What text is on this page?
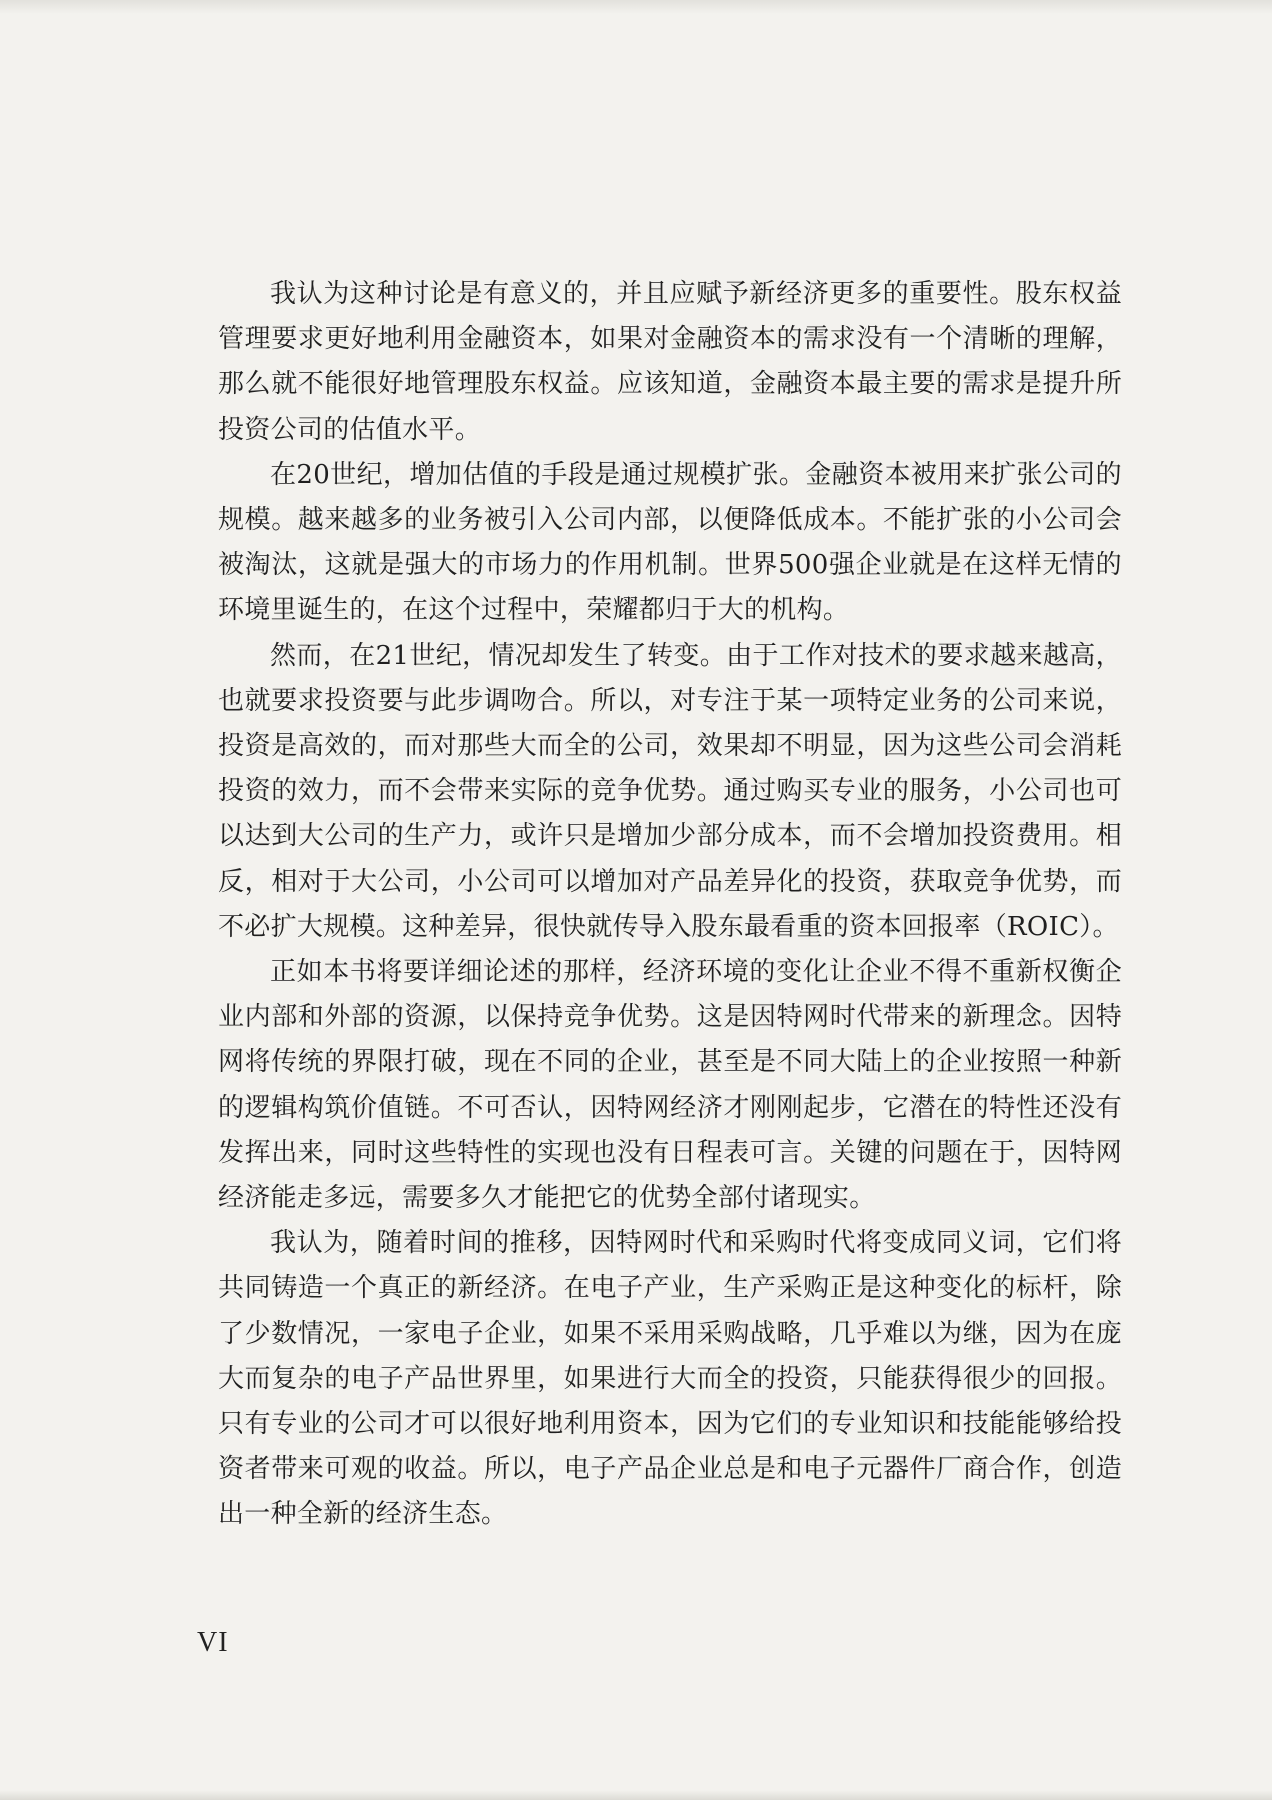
我认为这种讨论是有意义的，并且应赋予新经济更多的重要性。股东权益管理要求更好地利用金融资本，如果对金融资本的需求没有一个清晰的理解，那么就不能很好地管理股东权益。应该知道，金融资本最主要的需求是提升所投资公司的估值水平。

在20世纪，增加估值的手段是通过规模扩张。金融资本被用来扩张公司的规模。越来越多的业务被引入公司内部，以便降低成本。不能扩张的小公司会被淘汰，这就是强大的市场力的作用机制。世界500强企业就是在这样无情的环境里诞生的，在这个过程中，荣耀都归于大的机构。

然而，在21世纪，情况却发生了转变。由于工作对技术的要求越来越高，也就要求投资要与此步调吻合。所以，对专注于某一项特定业务的公司来说，投资是高效的，而对那些大而全的公司，效果却不明显，因为这些公司会消耗投资的效力，而不会带来实际的竞争优势。通过购买专业的服务，小公司也可以达到大公司的生产力，或许只是增加少部分成本，而不会增加投资费用。相反，相对于大公司，小公司可以增加对产品差异化的投资，获取竞争优势，而不必扩大规模。这种差异，很快就传导入股东最看重的资本回报率（ROIC）。

正如本书将要详细论述的那样，经济环境的变化让企业不得不重新权衡企业内部和外部的资源，以保持竞争优势。这是因特网时代带来的新理念。因特网将传统的界限打破，现在不同的企业，甚至是不同大陆上的企业按照一种新的逻辑构筑价值链。不可否认，因特网经济才刚刚起步，它潜在的特性还没有发挥出来，同时这些特性的实现也没有日程表可言。关键的问题在于，因特网经济能走多远，需要多久才能把它的优势全部付诸现实。

我认为，随着时间的推移，因特网时代和采购时代将变成同义词，它们将共同铸造一个真正的新经济。在电子产业，生产采购正是这种变化的标杆，除了少数情况，一家电子企业，如果不采用采购战略，几乎难以为继，因为在庞大而复杂的电子产品世界里，如果进行大而全的投资，只能获得很少的回报。只有专业的公司才可以很好地利用资本，因为它们的专业知识和技能能够给投资者带来可观的收益。所以，电子产品企业总是和电子元器件厂商合作，创造出一种全新的经济生态。

VI
